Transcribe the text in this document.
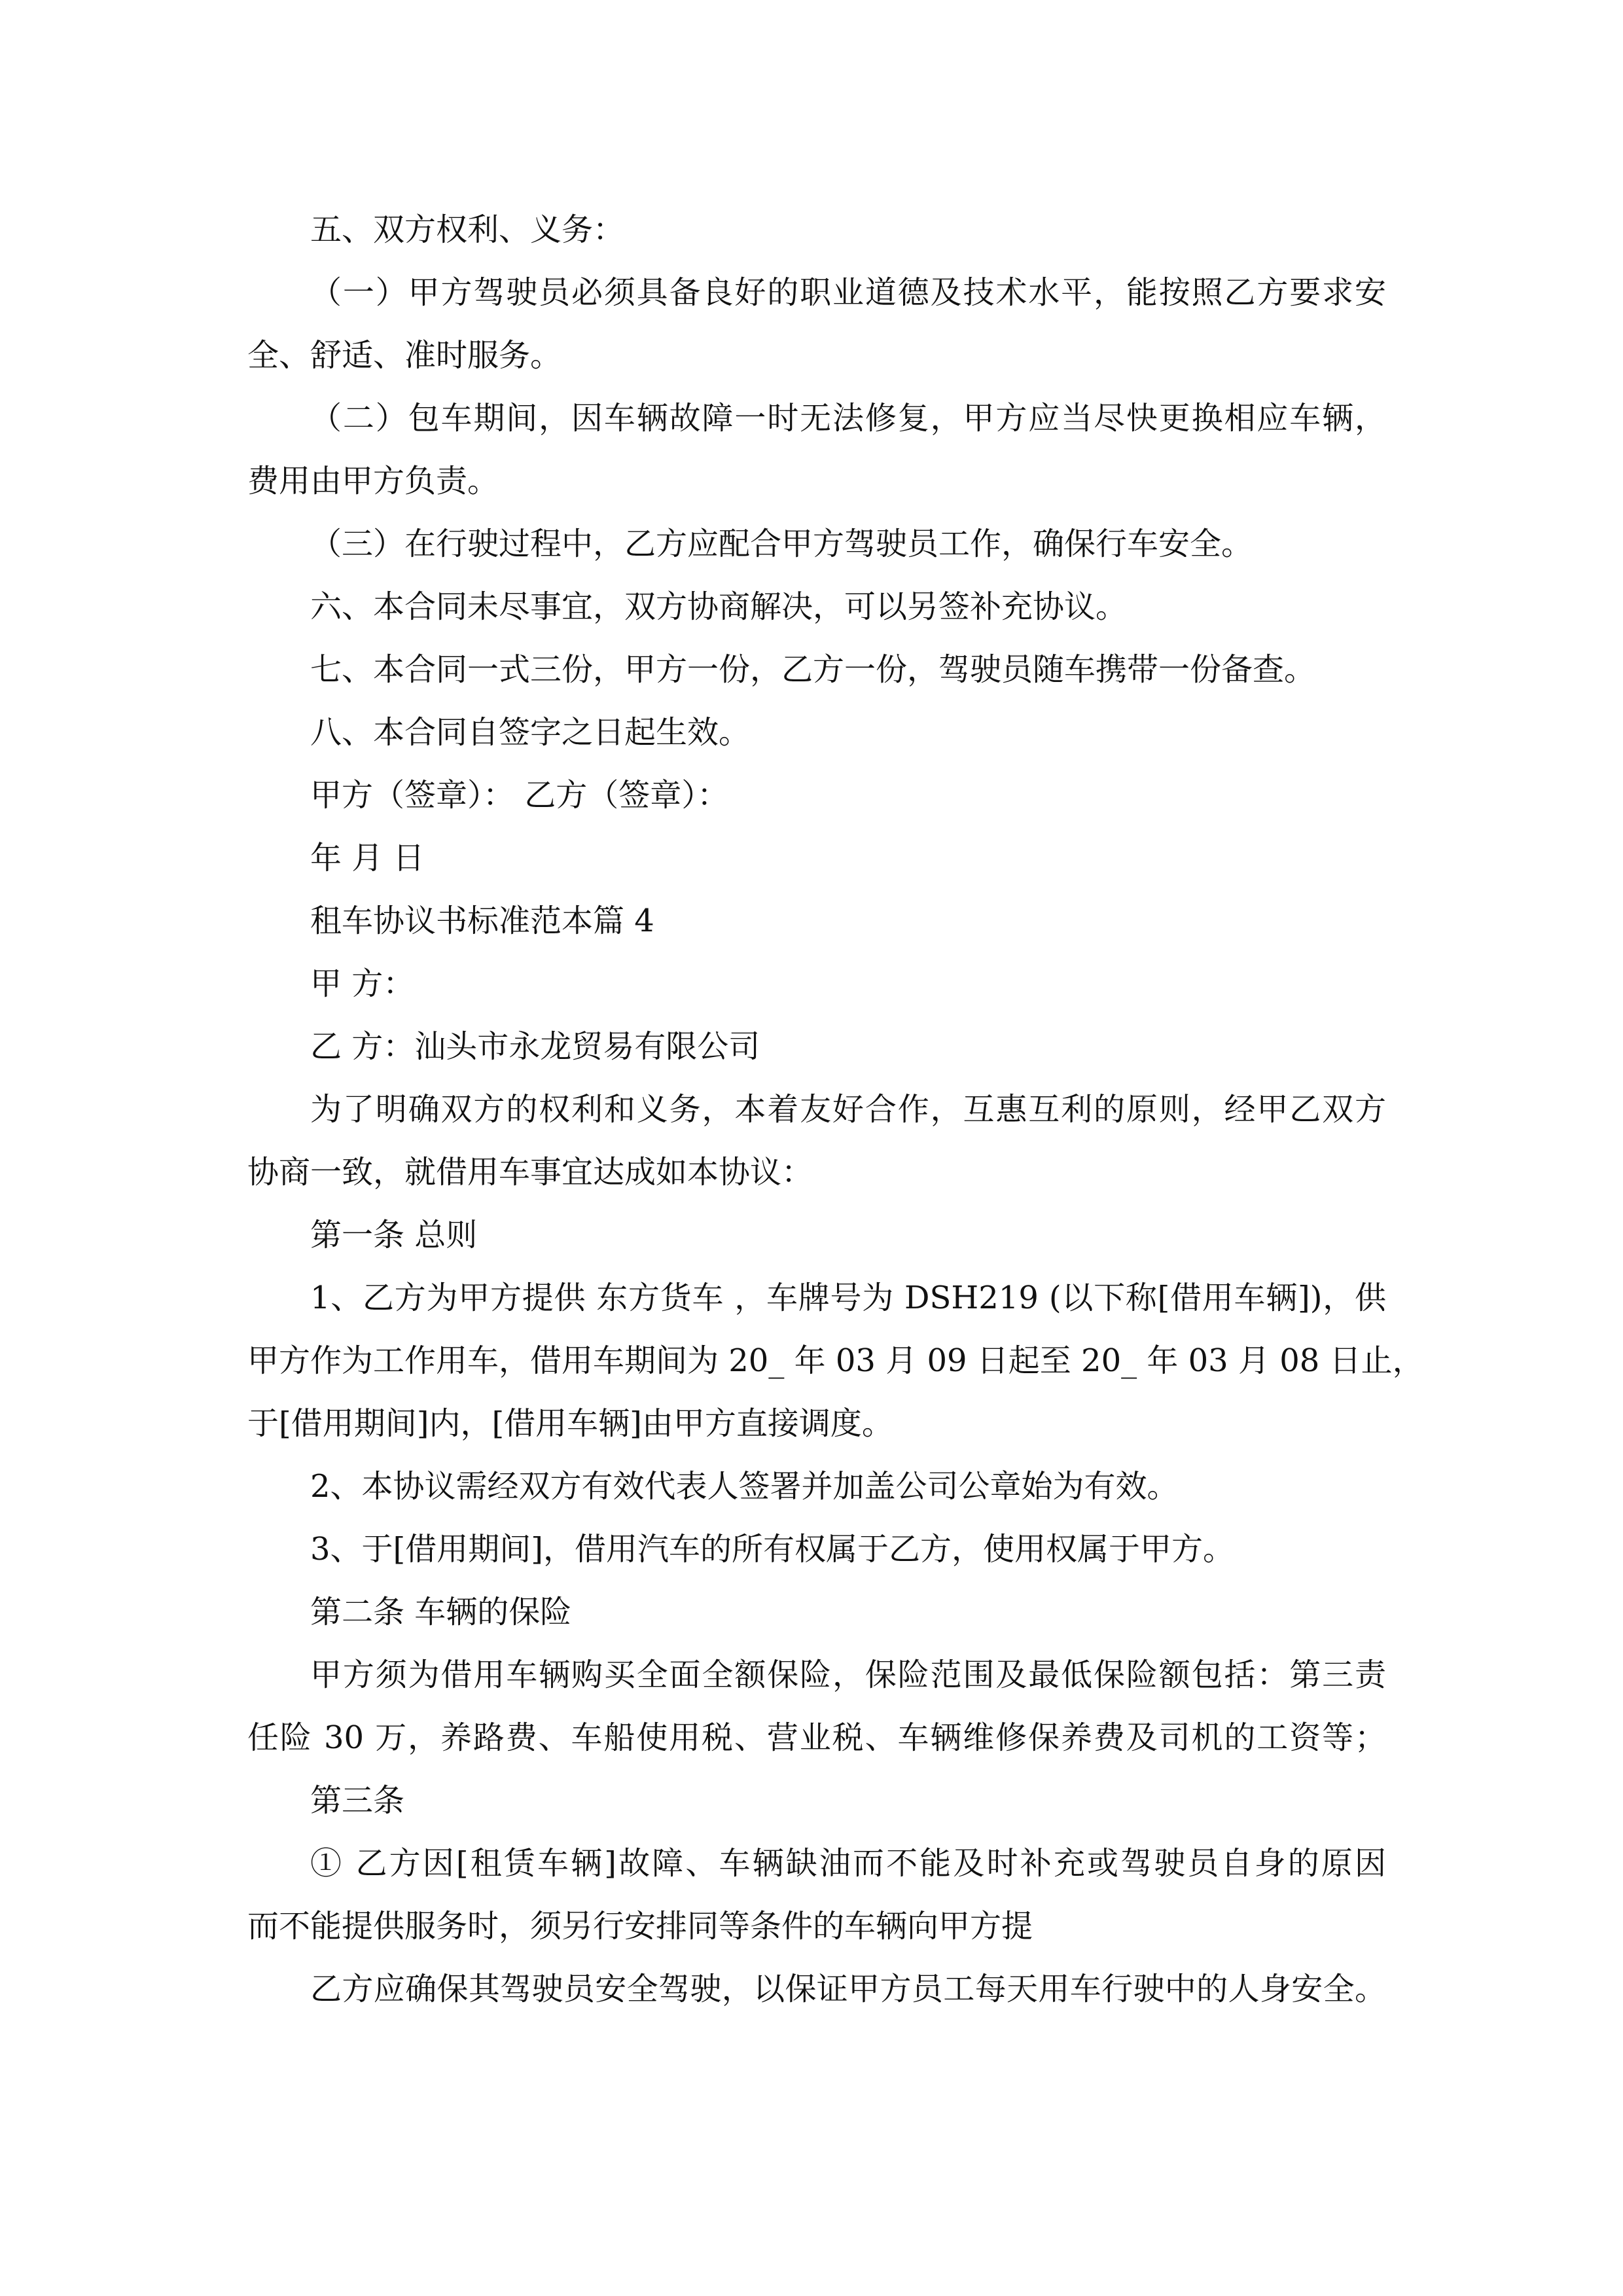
五、双方权利、义务：
（一）甲方驾驶员必须具备良好的职业道德及技术水平，能按照乙方要求安
全、舒适、准时服务。
（二）包车期间，因车辆故障一时无法修复，甲方应当尽快更换相应车辆，
费用由甲方负责。
（三）在行驶过程中，乙方应配合甲方驾驶员工作，确保行车安全。
六、本合同未尽事宜，双方协商解决，可以另签补充协议。
七、本合同一式三份，甲方一份，乙方一份，驾驶员随车携带一份备查。
八、本合同自签字之日起生效。
甲方（签章）： 乙方（签章）：
年 月 日
租车协议书标准范本篇 4
甲 方：
乙 方：汕头市永龙贸易有限公司
为了明确双方的权利和义务，本着友好合作，互惠互利的原则，经甲乙双方
协商一致，就借用车事宜达成如本协议：
第一条 总则
1、乙方为甲方提供 东方货车 ，车牌号为 DSH219 (以下称[借用车辆])，供
甲方作为工作用车，借用车期间为 20_ 年 03 月 09 日起至 20_ 年 03 月 08 日止，
于[借用期间]内，[借用车辆]由甲方直接调度。
2、本协议需经双方有效代表人签署并加盖公司公章始为有效。
3、于[借用期间]，借用汽车的所有权属于乙方，使用权属于甲方。
第二条 车辆的保险
甲方须为借用车辆购买全面全额保险，保险范围及最低保险额包括：第三责
任险 30 万，养路费、车船使用税、营业税、车辆维修保养费及司机的工资等；
第三条
① 乙方因[租赁车辆]故障、车辆缺油而不能及时补充或驾驶员自身的原因
而不能提供服务时，须另行安排同等条件的车辆向甲方提
乙方应确保其驾驶员安全驾驶，以保证甲方员工每天用车行驶中的人身安全。
